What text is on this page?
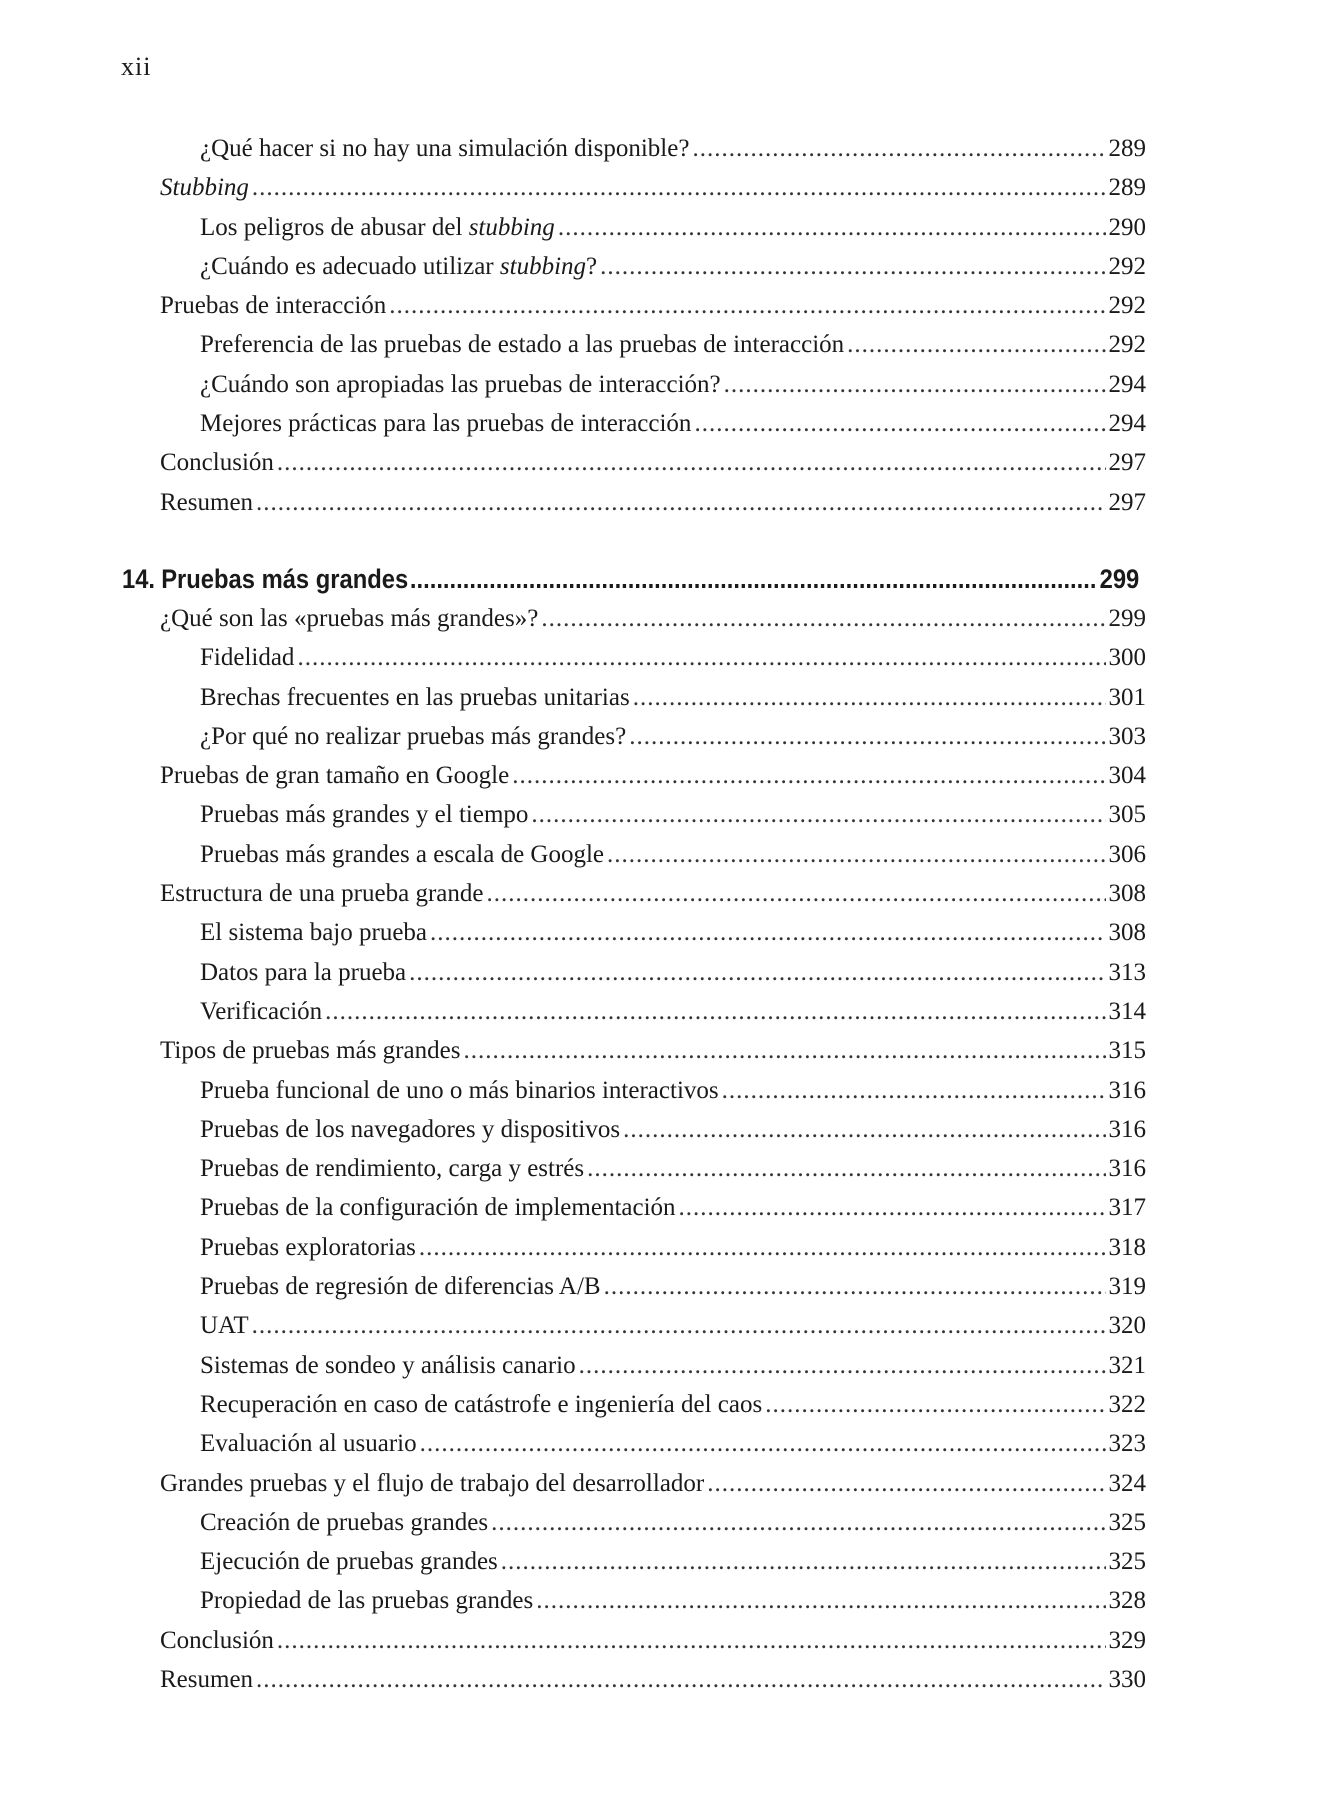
xii
¿Qué hacer si no hay una simulación disponible? .....	289
Stubbing .....	289
Los peligros de abusar del stubbing .....	290
¿Cuándo es adecuado utilizar stubbing? .....	292
Pruebas de interacción .....	292
Preferencia de las pruebas de estado a las pruebas de interacción .....	292
¿Cuándo son apropiadas las pruebas de interacción? .....	294
Mejores prácticas para las pruebas de interacción .....	294
Conclusión .....	297
Resumen .....	297
14. Pruebas más grandes .....	299
¿Qué son las «pruebas más grandes»? .....	299
Fidelidad .....	300
Brechas frecuentes en las pruebas unitarias .....	301
¿Por qué no realizar pruebas más grandes? .....	303
Pruebas de gran tamaño en Google .....	304
Pruebas más grandes y el tiempo .....	305
Pruebas más grandes a escala de Google .....	306
Estructura de una prueba grande .....	308
El sistema bajo prueba .....	308
Datos para la prueba .....	313
Verificación .....	314
Tipos de pruebas más grandes .....	315
Prueba funcional de uno o más binarios interactivos .....	316
Pruebas de los navegadores y dispositivos .....	316
Pruebas de rendimiento, carga y estrés .....	316
Pruebas de la configuración de implementación .....	317
Pruebas exploratorias .....	318
Pruebas de regresión de diferencias A/B .....	319
UAT .....	320
Sistemas de sondeo y análisis canario .....	321
Recuperación en caso de catástrofe e ingeniería del caos .....	322
Evaluación al usuario .....	323
Grandes pruebas y el flujo de trabajo del desarrollador .....	324
Creación de pruebas grandes .....	325
Ejecución de pruebas grandes .....	325
Propiedad de las pruebas grandes .....	328
Conclusión .....	329
Resumen .....	330
